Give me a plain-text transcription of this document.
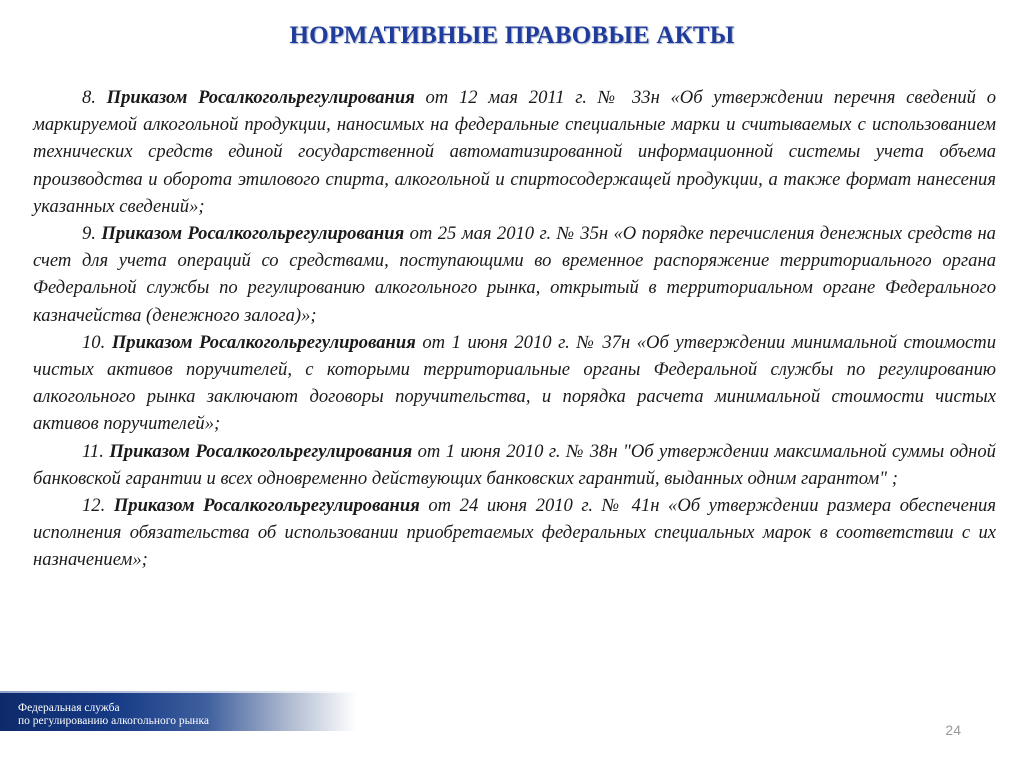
НОРМАТИВНЫЕ ПРАВОВЫЕ АКТЫ

8. Приказом Росалкогольрегулирования от 12 мая 2011 г. № 33н «Об утверждении перечня сведений о маркируемой алкогольной продукции, наносимых на федеральные специальные марки и считываемых с использованием технических средств единой государственной автоматизированной информационной системы учета объема производства и оборота этилового спирта, алкогольной и спиртосодержащей продукции, а также формат нанесения указанных сведений»;

9. Приказом Росалкогольрегулирования от 25 мая 2010 г. № 35н «О порядке перечисления денежных средств на счет для учета операций со средствами, поступающими во временное распоряжение территориального органа Федеральной службы по регулированию алкогольного рынка, открытый в территориальном органе Федерального казначейства (денежного залога)»;

10. Приказом Росалкогольрегулирования от 1 июня 2010 г. № 37н «Об утверждении минимальной стоимости чистых активов поручителей, с которыми территориальные органы Федеральной службы по регулированию алкогольного рынка заключают договоры поручительства, и порядка расчета минимальной стоимости чистых активов поручителей»;

11. Приказом Росалкогольрегулирования от 1 июня 2010 г. № 38н "Об утверждении максимальной суммы одной банковской гарантии и всех одновременно действующих банковских гарантий, выданных одним гарантом" ;

12. Приказом Росалкогольрегулирования от 24 июня 2010 г. № 41н «Об утверждении размера обеспечения исполнения обязательства об использовании приобретаемых федеральных специальных марок в соответствии с их назначением»;

Федеральная служба
по регулированию алкогольного рынка
24
